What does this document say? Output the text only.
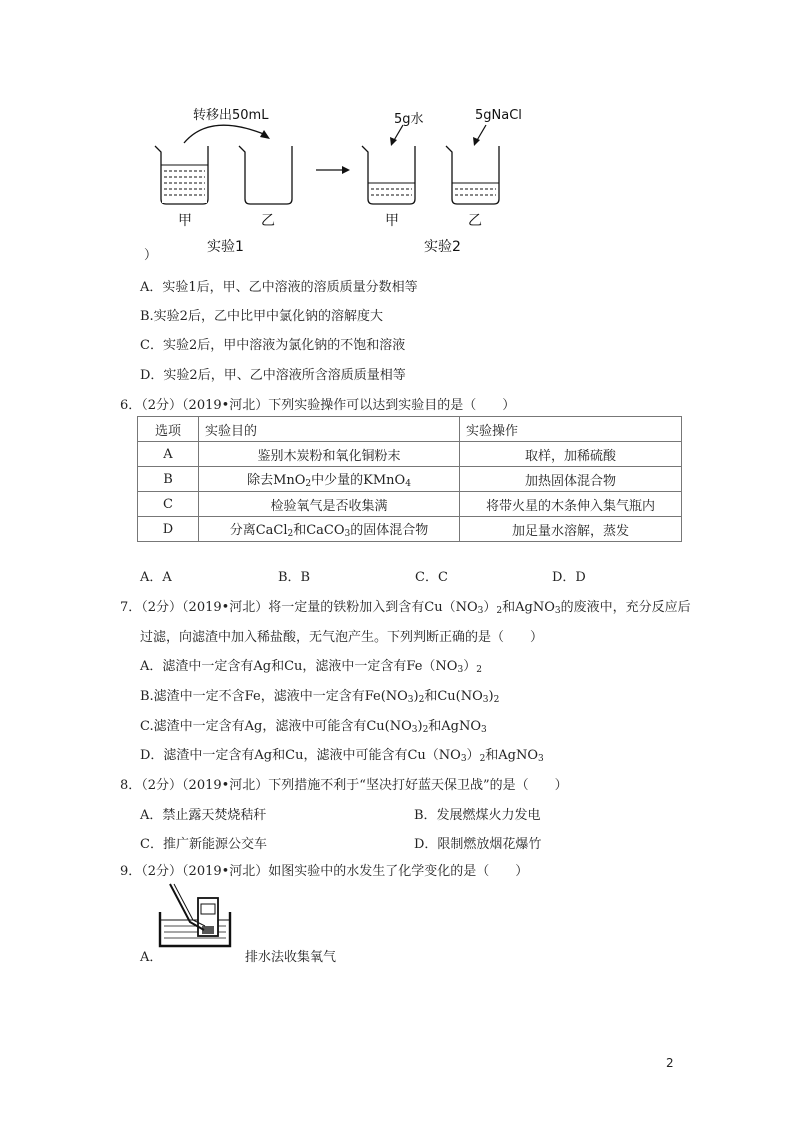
转移出50mL	5g水	5gNaCl
甲	乙	甲	乙
实验1	实验2
）
A．实验1后，甲、乙中溶液的溶质质量分数相等
B.实验2后，乙中比甲中氯化钠的溶解度大
C．实验2后，甲中溶液为氯化钠的不饱和溶液
D．实验2后，甲、乙中溶液所含溶质质量相等
6．（2分）（2019•河北）下列实验操作可以达到实验目的是（　　）
选项	实验目的	实验操作
A	鉴别木炭粉和氧化铜粉末	取样，加稀硫酸
B	除去MnO$_2$中少量的KMnO$_4$	加热固体混合物
C	检验氧气是否收集满	将带火星的木条伸入集气瓶内
D	分离CaCl$_2$和CaCO$_3$的固体混合物	加足量水溶解，蒸发
A．A	B．B	C．C	D．D
7．（2分）（2019•河北）将一定量的铁粉加入到含有$Cu(NO_3)_2$和AgNO$_3$的废液中，充分反应后
过滤，向滤渣中加入稀盐酸，无气泡产生。下列判断正确的是（　　）
A．滤渣中一定含有Ag和Cu，滤液中一定含有$Fe(NO_3)_2$
B.滤渣中一定不含Fe，滤液中一定含有$Fe(NO_3)_2$和$Cu(NO_3)_2$
C.滤渣中一定含有Ag，滤液中可能含有$Cu(NO_3)_2$和AgNO$_3$
D．滤渣中一定含有Ag和Cu，滤液中可能含有$Cu(NO_3)_2$和AgNO$_3$
8．（2分）（2019•河北）下列措施不利于“坚决打好蓝天保卫战”的是（　　）
A．禁止露天焚烧秸秆	B．发展燃煤火力发电
C．推广新能源公交车	D．限制燃放烟花爆竹
9．（2分）（2019•河北）如图实验中的水发生了化学变化的是（　　）
A．	排水法收集氧气
2
